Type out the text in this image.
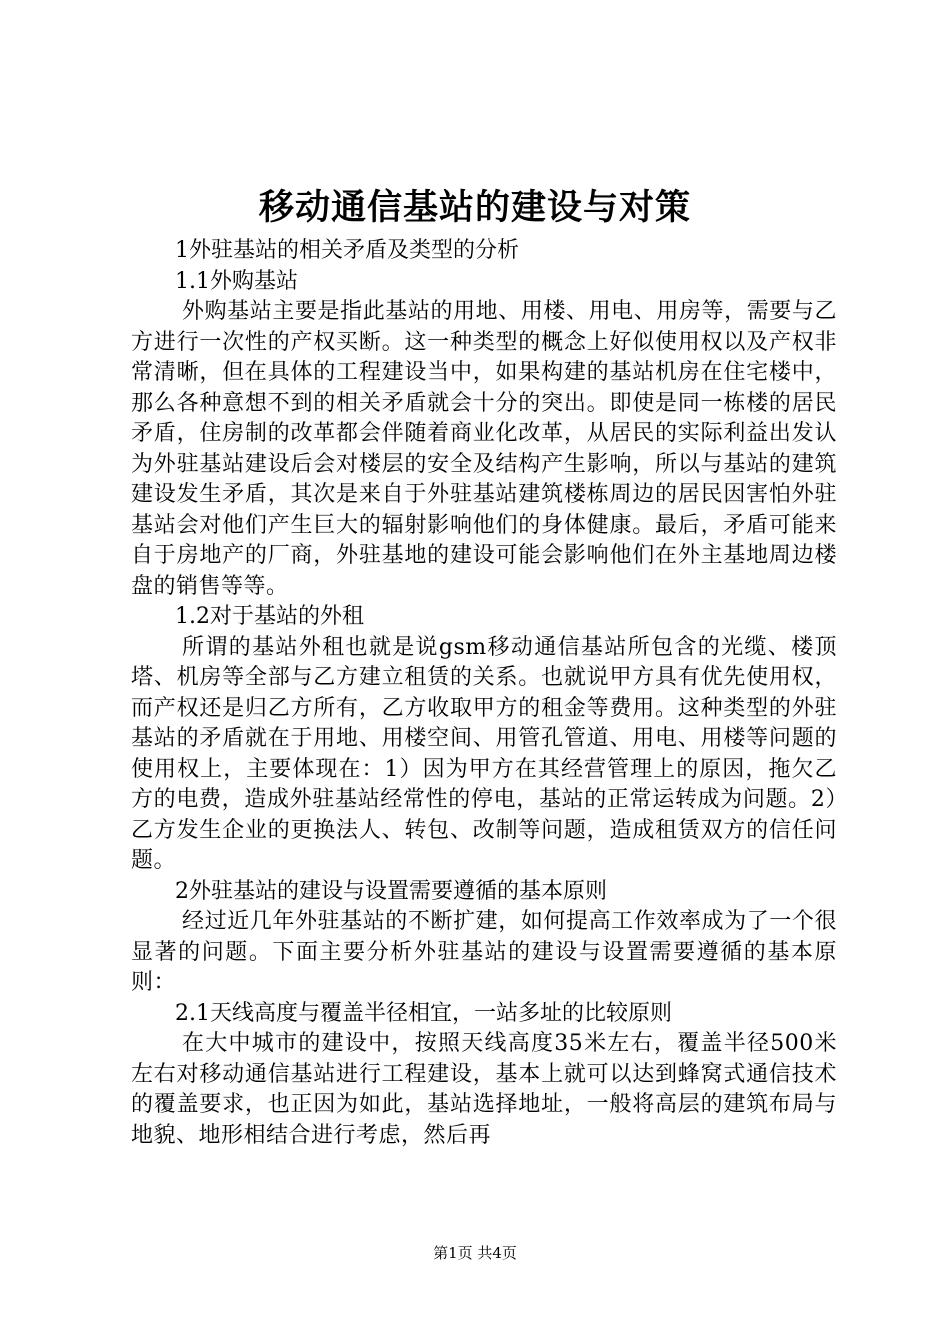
移动通信基站的建设与对策
1外驻基站的相关矛盾及类型的分析
1.1外购基站
外购基站主要是指此基站的用地、用楼、用电、用房等，需要与乙方进行一次性的产权买断。这一种类型的概念上好似使用权以及产权非常清晰，但在具体的工程建设当中，如果构建的基站机房在住宅楼中，那么各种意想不到的相关矛盾就会十分的突出。即使是同一栋楼的居民矛盾，住房制的改革都会伴随着商业化改革，从居民的实际利益出发认为外驻基站建设后会对楼层的安全及结构产生影响，所以与基站的建筑建设发生矛盾，其次是来自于外驻基站建筑楼栋周边的居民因害怕外驻基站会对他们产生巨大的辐射影响他们的身体健康。最后，矛盾可能来自于房地产的厂商，外驻基地的建设可能会影响他们在外主基地周边楼盘的销售等等。
1.2对于基站的外租
所谓的基站外租也就是说gsm移动通信基站所包含的光缆、楼顶塔、机房等全部与乙方建立租赁的关系。也就说甲方具有优先使用权，而产权还是归乙方所有，乙方收取甲方的租金等费用。这种类型的外驻基站的矛盾就在于用地、用楼空间、用管孔管道、用电、用楼等问题的使用权上，主要体现在：1）因为甲方在其经营管理上的原因，拖欠乙方的电费，造成外驻基站经常性的停电，基站的正常运转成为问题。2）乙方发生企业的更换法人、转包、改制等问题，造成租赁双方的信任问题。
2外驻基站的建设与设置需要遵循的基本原则
经过近几年外驻基站的不断扩建，如何提高工作效率成为了一个很显著的问题。下面主要分析外驻基站的建设与设置需要遵循的基本原则：
2.1天线高度与覆盖半径相宜，一站多址的比较原则
在大中城市的建设中，按照天线高度35米左右，覆盖半径500米左右对移动通信基站进行工程建设，基本上就可以达到蜂窝式通信技术的覆盖要求，也正因为如此，基站选择地址，一般将高层的建筑布局与地貌、地形相结合进行考虑，然后再
第1页 共4页
